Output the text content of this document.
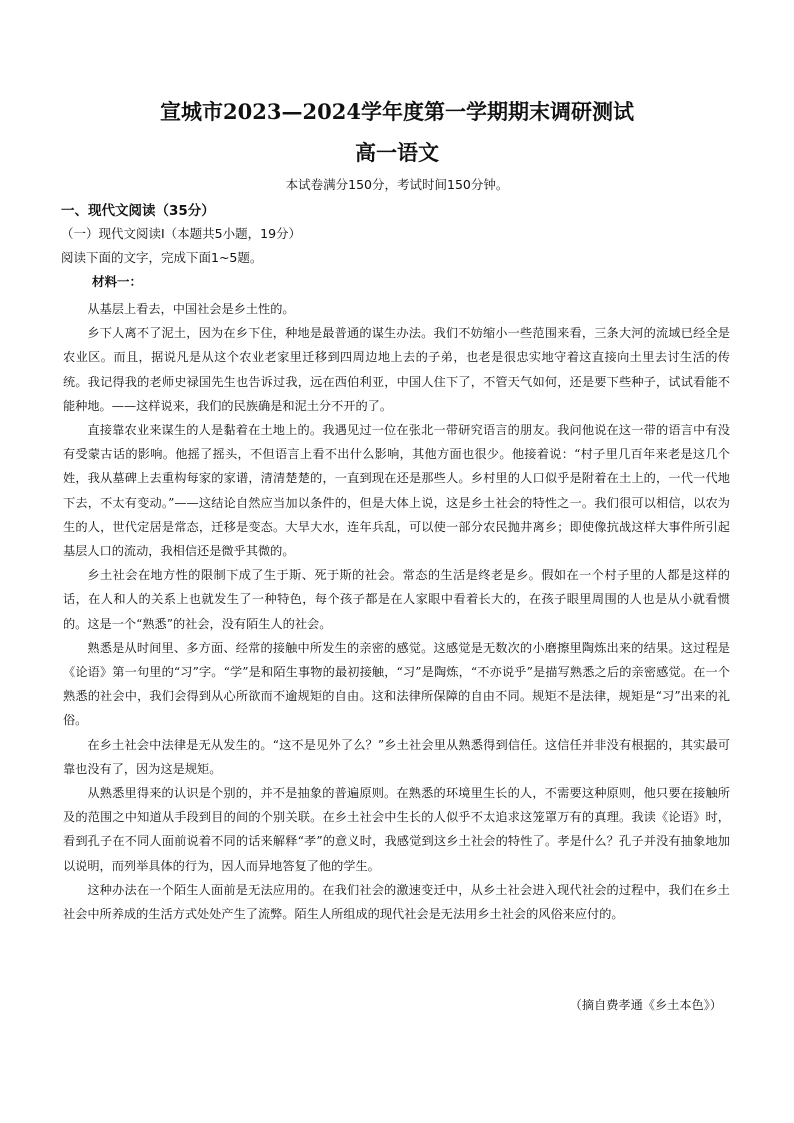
宣城市2023—2024学年度第一学期期末调研测试
高一语文
本试卷满分150分，考试时间150分钟。
一、现代文阅读（35分）
（一）现代文阅读Ⅰ（本题共5小题，19分）
阅读下面的文字，完成下面1~5题。
材料一：

从基层上看去，中国社会是乡土性的。

乡下人离不了泥土，因为在乡下住，种地是最普通的谋生办法。我们不妨缩小一些范围来看，三条大河的流域已经全是农业区。而且，据说凡是从这个农业老家里迁移到四周边地上去的子弟，也老是很忠实地守着这直接向土里去讨生活的传统。我记得我的老师史禄国先生也告诉过我，远在西伯利亚，中国人住下了，不管天气如何，还是要下些种子，试试看能不能种地。——这样说来，我们的民族确是和泥土分不开的了。

直接靠农业来谋生的人是黏着在土地上的。我遇见过一位在张北一带研究语言的朋友。我问他说在这一带的语言中有没有受蒙古话的影响。他摇了摇头，不但语言上看不出什么影响，其他方面也很少。他接着说：“村子里几百年来老是这几个姓，我从墓碑上去重构每家的家谱，清清楚楚的，一直到现在还是那些人。乡村里的人口似乎是附着在土上的，一代一代地下去，不太有变动。”——这结论自然应当加以条件的，但是大体上说，这是乡土社会的特性之一。我们很可以相信，以农为生的人，世代定居是常态，迁移是变态。大旱大水，连年兵乱，可以使一部分农民抛井离乡；即使像抗战这样大事件所引起基层人口的流动，我相信还是微乎其微的。

乡土社会在地方性的限制下成了生于斯、死于斯的社会。常态的生活是终老是乡。假如在一个村子里的人都是这样的话，在人和人的关系上也就发生了一种特色，每个孩子都是在人家眼中看着长大的，在孩子眼里周围的人也是从小就看惯的。这是一个“熟悉”的社会，没有陌生人的社会。

熟悉是从时间里、多方面、经常的接触中所发生的亲密的感觉。这感觉是无数次的小磨擦里陶炼出来的结果。这过程是《论语》第一句里的“习”字。“学”是和陌生事物的最初接触，“习”是陶炼，“不亦说乎”是描写熟悉之后的亲密感觉。在一个熟悉的社会中，我们会得到从心所欲而不逾规矩的自由。这和法律所保障的自由不同。规矩不是法律，规矩是“习”出来的礼俗。

在乡土社会中法律是无从发生的。“这不是见外了么？”乡土社会里从熟悉得到信任。这信任并非没有根据的，其实最可靠也没有了，因为这是规矩。

从熟悉里得来的认识是个别的，并不是抽象的普遍原则。在熟悉的环境里生长的人，不需要这种原则，他只要在接触所及的范围之中知道从手段到目的间的个别关联。在乡土社会中生长的人似乎不太追求这笼罩万有的真理。我读《论语》时，看到孔子在不同人面前说着不同的话来解释“孝”的意义时，我感觉到这乡土社会的特性了。孝是什么？孔子并没有抽象地加以说明，而列举具体的行为，因人而异地答复了他的学生。

这种办法在一个陌生人面前是无法应用的。在我们社会的激速变迁中，从乡土社会进入现代社会的过程中，我们在乡土社会中所养成的生活方式处处产生了流弊。陌生人所组成的现代社会是无法用乡土社会的风俗来应付的。

（摘自费孝通《乡土本色》）
